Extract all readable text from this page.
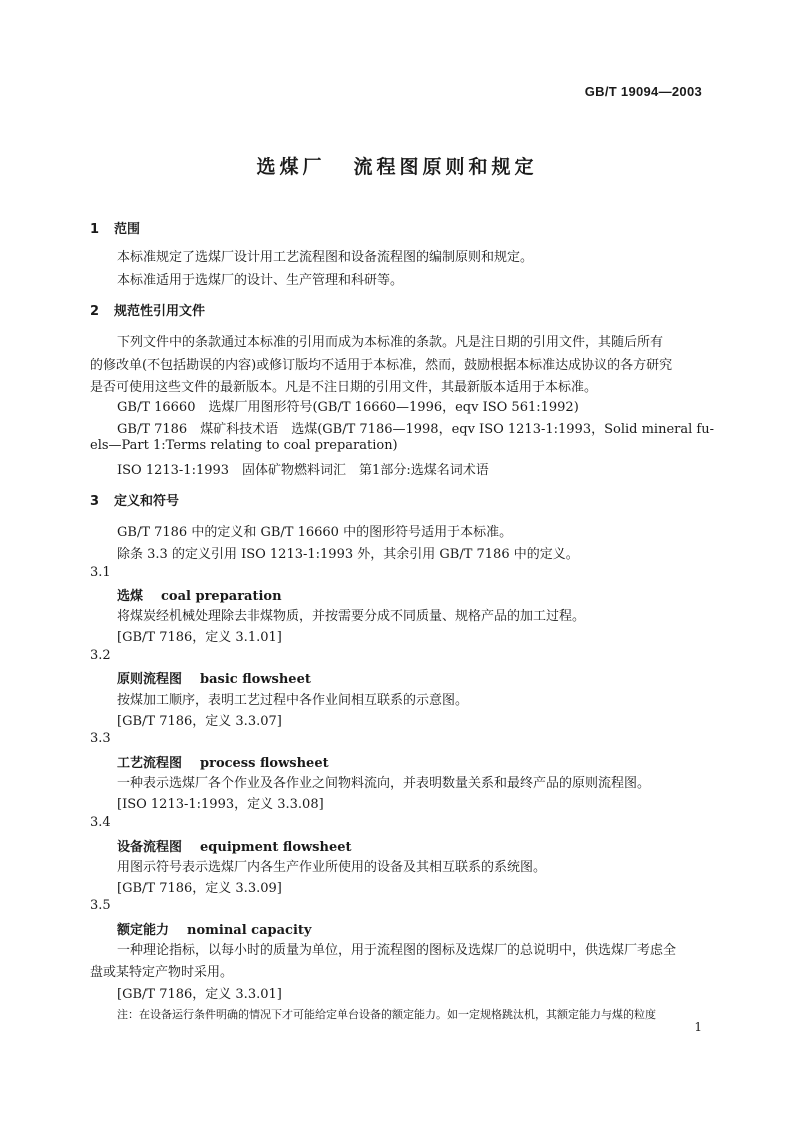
GB/T 19094—2003
选煤厂 流程图原则和规定
1 范围
本标准规定了选煤厂设计用工艺流程图和设备流程图的编制原则和规定。
本标准适用于选煤厂的设计、生产管理和科研等。
2 规范性引用文件
下列文件中的条款通过本标准的引用而成为本标准的条款。凡是注日期的引用文件，其随后所有
的修改单(不包括勘误的内容)或修订版均不适用于本标准，然而，鼓励根据本标准达成协议的各方研究
是否可使用这些文件的最新版本。凡是不注日期的引用文件，其最新版本适用于本标准。
GB/T 16660　选煤厂用图形符号(GB/T 16660—1996，eqv ISO 561:1992)
GB/T 7186　煤矿科技术语　选煤(GB/T 7186—1998，eqv ISO 1213-1:1993，Solid mineral fu-
els—Part 1:Terms relating to coal preparation)
ISO 1213-1:1993　固体矿物燃料词汇　第1部分:选煤名词术语
3 定义和符号
GB/T 7186 中的定义和 GB/T 16660 中的图形符号适用于本标准。
除条 3.3 的定义引用 ISO 1213-1:1993 外，其余引用 GB/T 7186 中的定义。
3.1
选煤 coal preparation
将煤炭经机械处理除去非煤物质，并按需要分成不同质量、规格产品的加工过程。
[GB/T 7186，定义 3.1.01]
3.2
原则流程图 basic flowsheet
按煤加工顺序，表明工艺过程中各作业间相互联系的示意图。
[GB/T 7186，定义 3.3.07]
3.3
工艺流程图 process flowsheet
一种表示选煤厂各个作业及各作业之间物料流向，并表明数量关系和最终产品的原则流程图。
[ISO 1213-1:1993，定义 3.3.08]
3.4
设备流程图 equipment flowsheet
用图示符号表示选煤厂内各生产作业所使用的设备及其相互联系的系统图。
[GB/T 7186，定义 3.3.09]
3.5
额定能力 nominal capacity
一种理论指标，以每小时的质量为单位，用于流程图的图标及选煤厂的总说明中，供选煤厂考虑全
盘或某特定产物时采用。
[GB/T 7186，定义 3.3.01]
注：在设备运行条件明确的情况下才可能给定单台设备的额定能力。如一定规格跳汰机，其额定能力与煤的粒度
1
